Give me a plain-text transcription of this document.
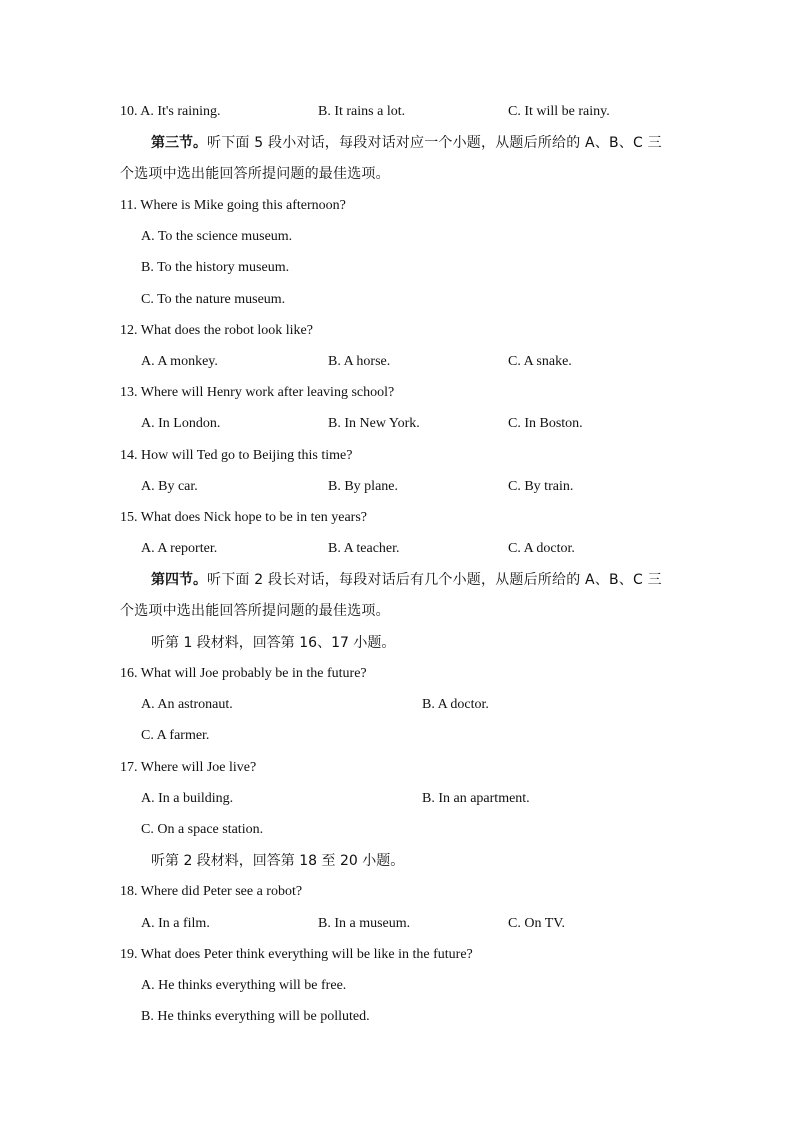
10. A. It's raining.	B. It rains a lot.	C. It will be rainy.
第三节。听下面 5 段小对话，每段对话对应一个小题，从题后所给的 A、B、C 三
个选项中选出能回答所提问题的最佳选项。
11. Where is Mike going this afternoon?
A. To the science museum.
B. To the history museum.
C. To the nature museum.
12. What does the robot look like?
A. A monkey.	B. A horse.	C. A snake.
13. Where will Henry work after leaving school?
A. In London.	B. In New York.	C. In Boston.
14. How will Ted go to Beijing this time?
A. By car.	B. By plane.	C. By train.
15. What does Nick hope to be in ten years?
A. A reporter.	B. A teacher.	C. A doctor.
第四节。听下面 2 段长对话，每段对话后有几个小题，从题后所给的 A、B、C 三
个选项中选出能回答所提问题的最佳选项。
听第 1 段材料，回答第 16、17 小题。
16. What will Joe probably be in the future?
A. An astronaut.	B. A doctor.
C. A farmer.
17. Where will Joe live?
A. In a building.	B. In an apartment.
C. On a space station.
听第 2 段材料，回答第 18 至 20 小题。
18. Where did Peter see a robot?
A. In a film.	B. In a museum.	C. On TV.
19. What does Peter think everything will be like in the future?
A. He thinks everything will be free.
B. He thinks everything will be polluted.
